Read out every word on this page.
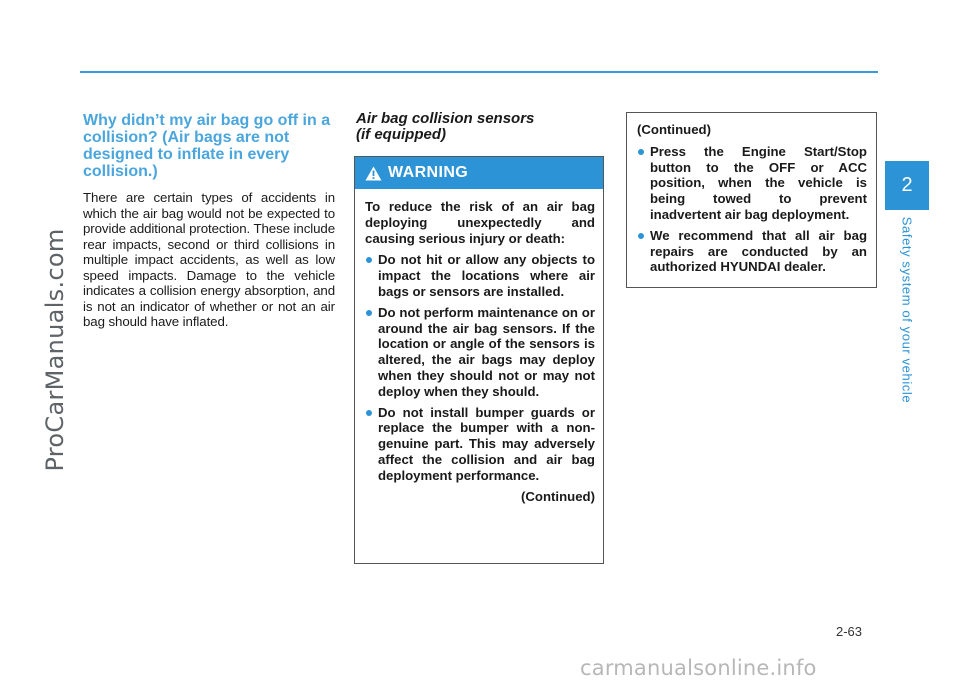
ProCarManuals.com
Why didn’t my air bag go off in a collision? (Air bags are not designed to inflate in every collision.)

There are certain types of accidents in which the air bag would not be expected to provide additional protection. These include rear impacts, second or third collisions in multiple impact accidents, as well as low speed impacts. Damage to the vehicle indicates a collision energy absorption, and is not an indicator of whether or not an air bag should have inflated.

Air bag collision sensors
(if equipped)
WARNING
To reduce the risk of an air bag deploying unexpectedly and causing serious injury or death:
Do not hit or allow any objects to impact the locations where air bags or sensors are installed.
Do not perform maintenance on or around the air bag sensors. If the location or angle of the sensors is altered, the air bags may deploy when they should not or may not deploy when they should.
Do not install bumper guards or replace the bumper with a non-genuine part. This may adversely affect the collision and air bag deployment performance.
(Continued)
(Continued)
Press the Engine Start/Stop button to the OFF or ACC position, when the vehicle is being towed to prevent inadvertent air bag deployment.
We recommend that all air bag repairs are conducted by an authorized HYUNDAI dealer.
2
Safety system of your vehicle
2-63
carmanualsonline.info
